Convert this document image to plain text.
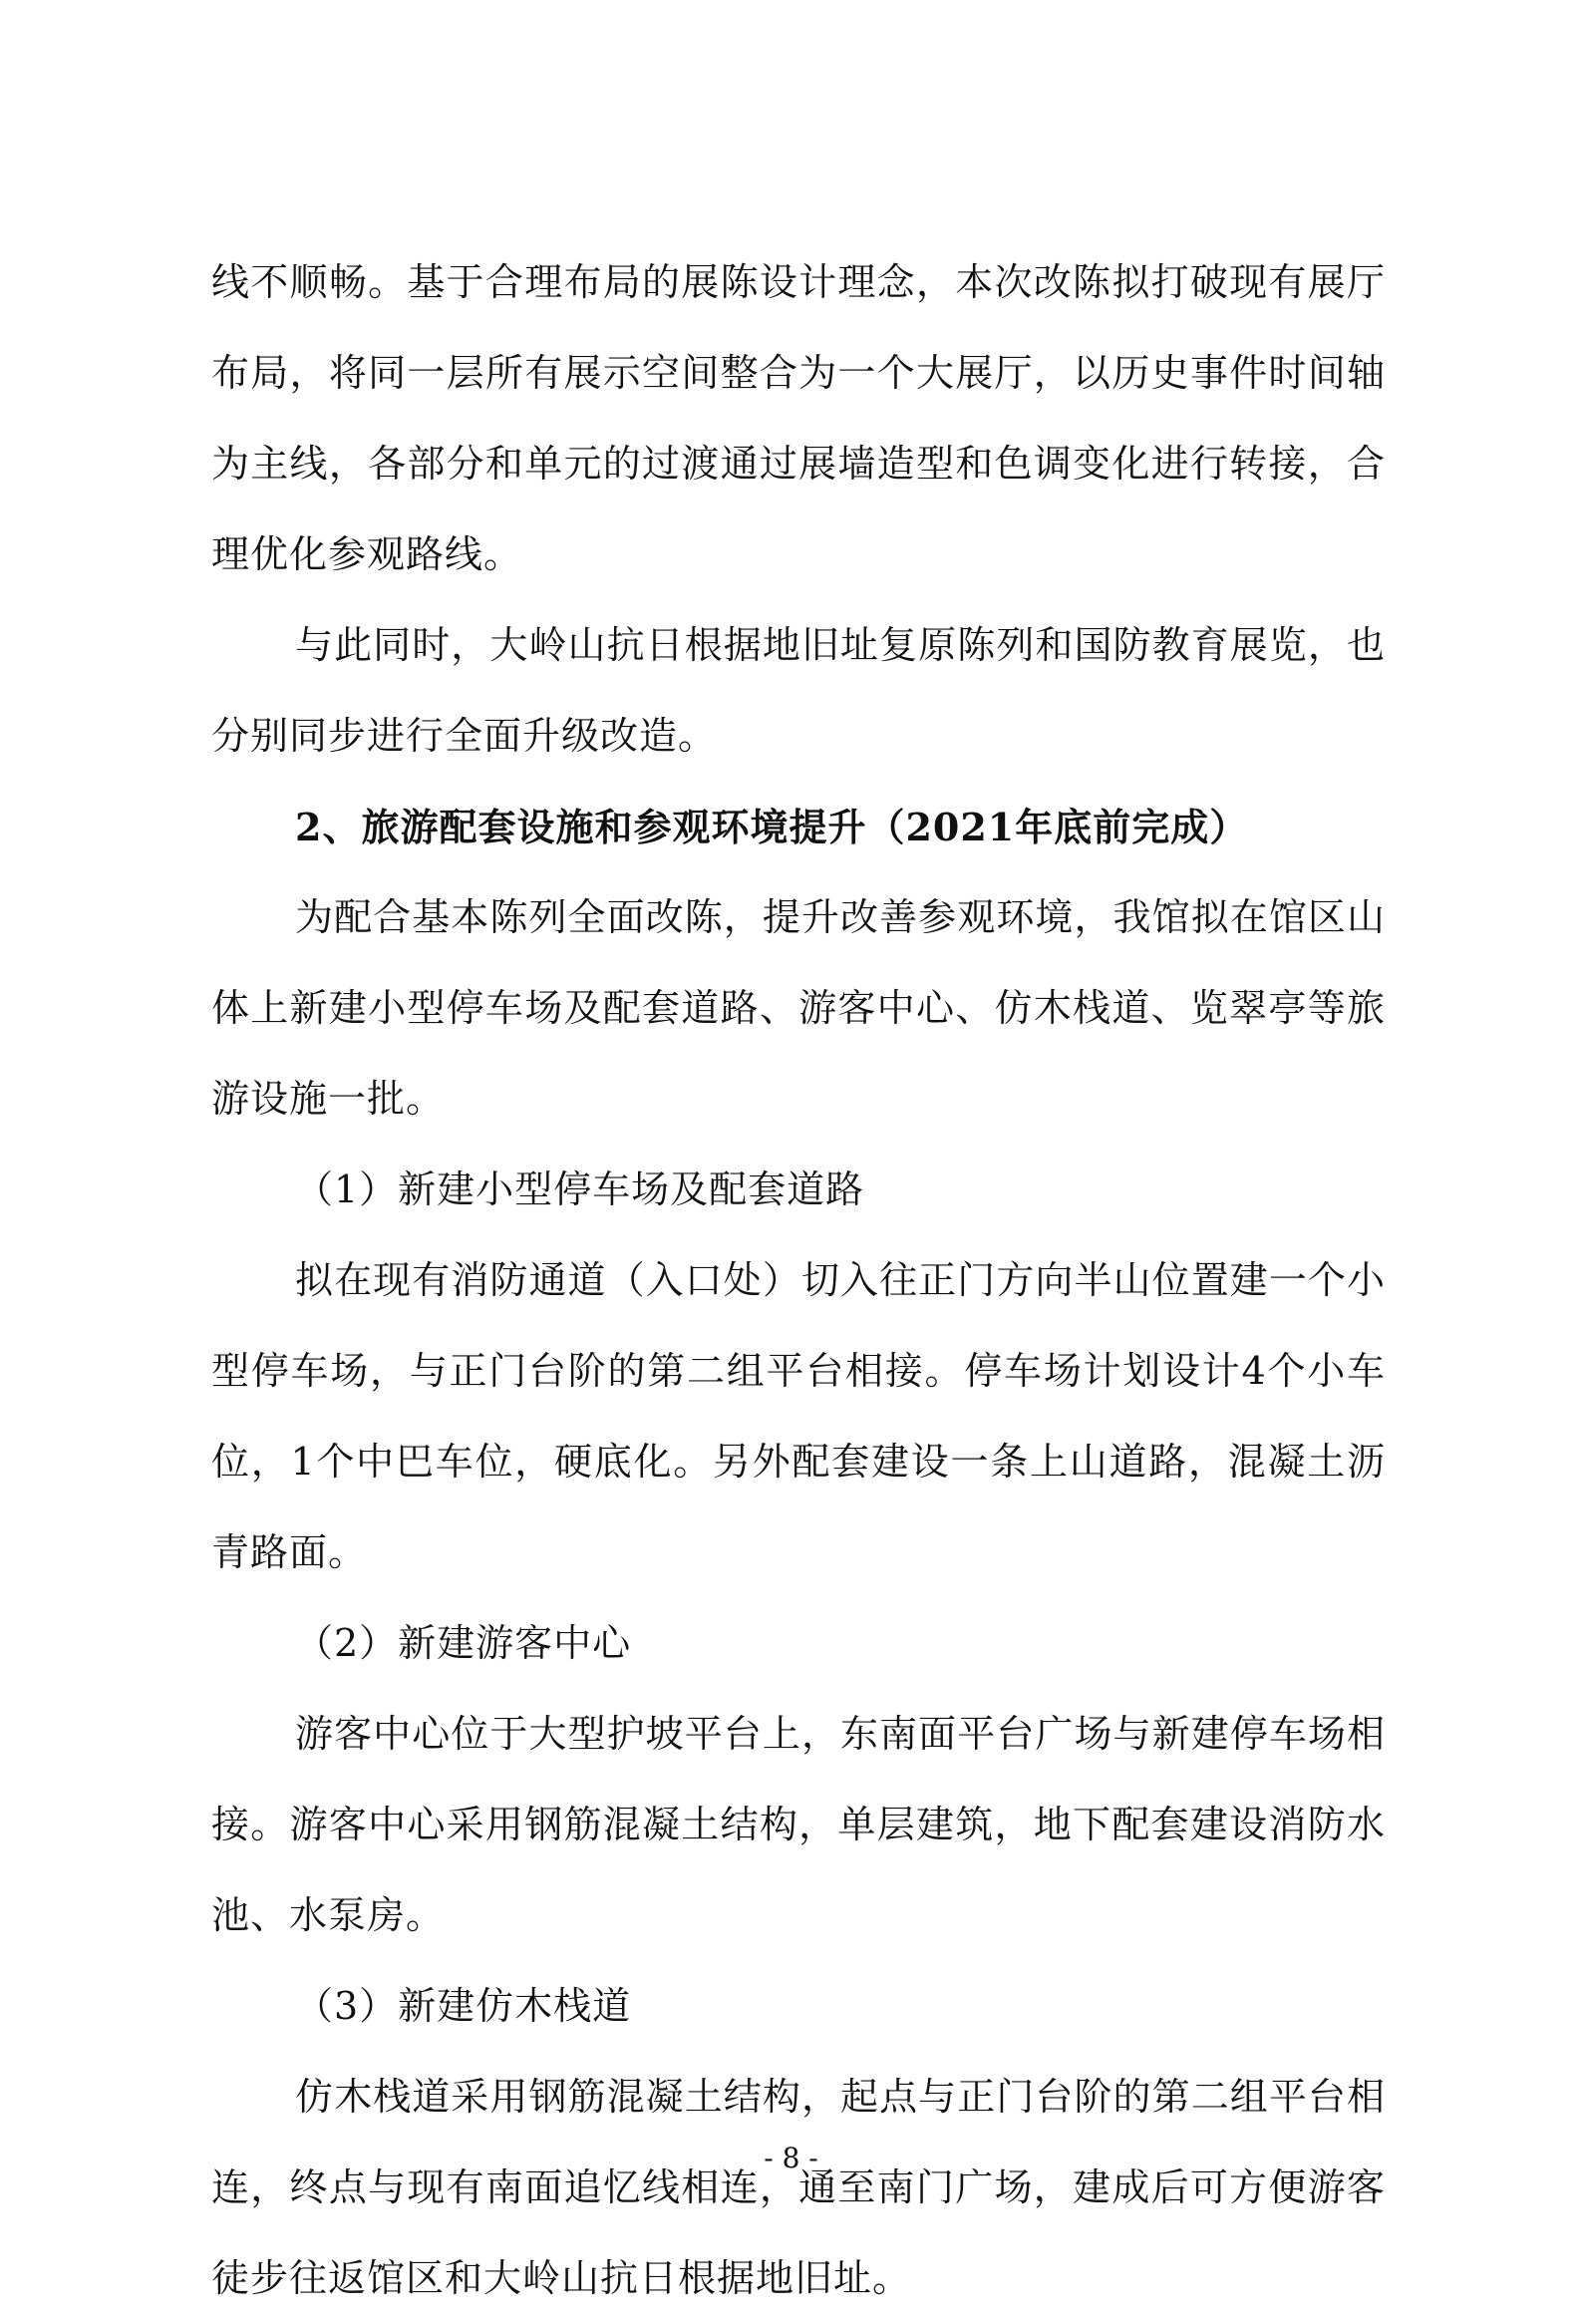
线不顺畅。基于合理布局的展陈设计理念，本次改陈拟打破现有展厅布局，将同一层所有展示空间整合为一个大展厅，以历史事件时间轴为主线，各部分和单元的过渡通过展墙造型和色调变化进行转接，合理优化参观路线。

与此同时，大岭山抗日根据地旧址复原陈列和国防教育展览，也分别同步进行全面升级改造。

2、旅游配套设施和参观环境提升（2021年底前完成）

为配合基本陈列全面改陈，提升改善参观环境，我馆拟在馆区山体上新建小型停车场及配套道路、游客中心、仿木栈道、览翠亭等旅游设施一批。

（1）新建小型停车场及配套道路

拟在现有消防通道（入口处）切入往正门方向半山位置建一个小型停车场，与正门台阶的第二组平台相接。停车场计划设计4个小车位，1个中巴车位，硬底化。另外配套建设一条上山道路，混凝土沥青路面。

（2）新建游客中心

游客中心位于大型护坡平台上，东南面平台广场与新建停车场相接。游客中心采用钢筋混凝土结构，单层建筑，地下配套建设消防水池、水泵房。

（3）新建仿木栈道

仿木栈道采用钢筋混凝土结构，起点与正门台阶的第二组平台相连，终点与现有南面追忆线相连，通至南门广场，建成后可方便游客徒步往返馆区和大岭山抗日根据地旧址。

- 8 -
